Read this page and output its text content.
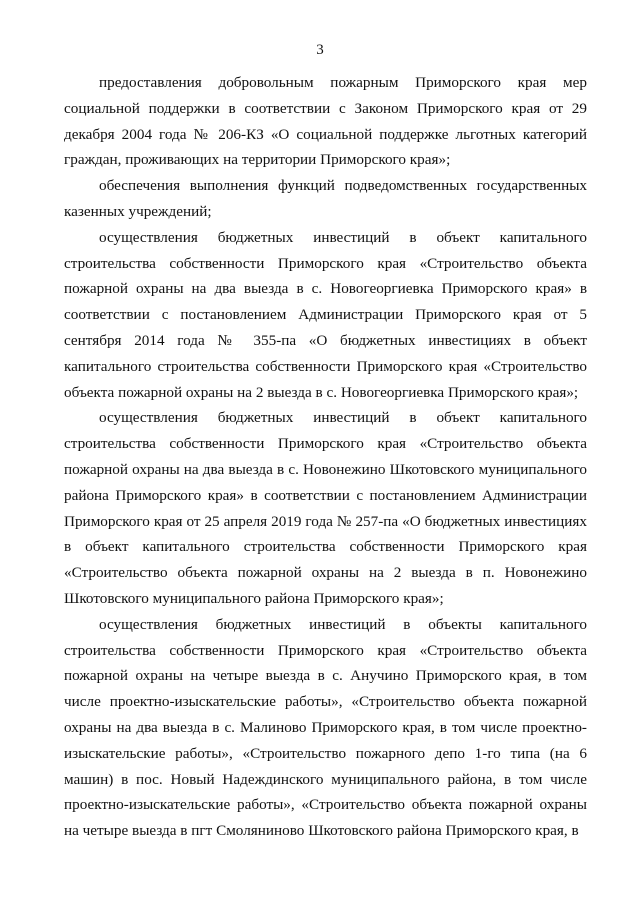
3

предоставления добровольным пожарным Приморского края мер социальной поддержки в соответствии с Законом Приморского края от 29 декабря 2004 года № 206-КЗ «О социальной поддержке льготных категорий граждан, проживающих на территории Приморского края»;

обеспечения выполнения функций подведомственных государственных казенных учреждений;

осуществления бюджетных инвестиций в объект капитального строительства собственности Приморского края «Строительство объекта пожарной охраны на два выезда в с. Новогеоргиевка Приморского края» в соответствии с постановлением Администрации Приморского края от 5 сентября 2014 года № 355-па «О бюджетных инвестициях в объект капитального строительства собственности Приморского края «Строительство объекта пожарной охраны на 2 выезда в с. Новогеоргиевка Приморского края»;

осуществления бюджетных инвестиций в объект капитального строительства собственности Приморского края «Строительство объекта пожарной охраны на два выезда в с. Новонежино Шкотовского муниципального района Приморского края» в соответствии с постановлением Администрации Приморского края от 25 апреля 2019 года № 257-па «О бюджетных инвестициях в объект капитального строительства собственности Приморского края «Строительство объекта пожарной охраны на 2 выезда в п. Новонежино Шкотовского муниципального района Приморского края»;

осуществления бюджетных инвестиций в объекты капитального строительства собственности Приморского края «Строительство объекта пожарной охраны на четыре выезда в с. Анучино Приморского края, в том числе проектно-изыскательские работы», «Строительство объекта пожарной охраны на два выезда в с. Малиново Приморского края, в том числе проектно-изыскательские работы», «Строительство пожарного депо 1-го типа (на 6 машин) в пос. Новый Надеждинского муниципального района, в том числе проектно-изыскательские работы», «Строительство объекта пожарной охраны на четыре выезда в пгт Смоляниново Шкотовского района Приморского края, в
